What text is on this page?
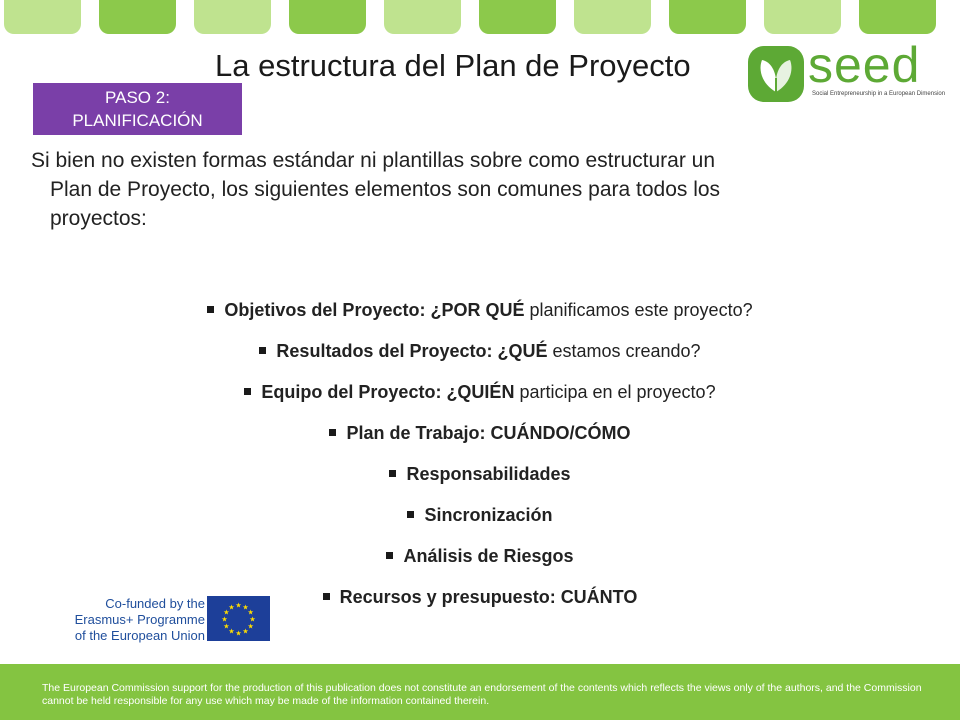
La estructura del Plan de Proyecto seed
Social Entrepreneurship in a European Dimension
PASO 2:
PLANIFICACIÓN
Si bien no existen formas estándar ni plantillas sobre como estructurar un
Plan de Proyecto, los siguientes elementos son comunes para todos los
proyectos:
Objetivos del Proyecto: ¿POR QUÉ planificamos este proyecto?
Resultados del Proyecto: ¿QUÉ estamos creando?
Equipo del Proyecto: ¿QUIÉN participa en el proyecto?
Plan de Trabajo: CUÁNDO/CÓMO
Responsabilidades
Sincronización
Análisis de Riesgos
Recursos y presupuesto: CUÁNTO
Co-funded by the
Erasmus+ Programme
of the European Union
★ ★
★
★
★
★
★
★
★
★
★
★
The European Commission support for the production of this publication does not constitute an endorsement of the contents which reflects the views only of the authors, and the Commission cannot be held responsible for any use which may be made of the information contained therein.
